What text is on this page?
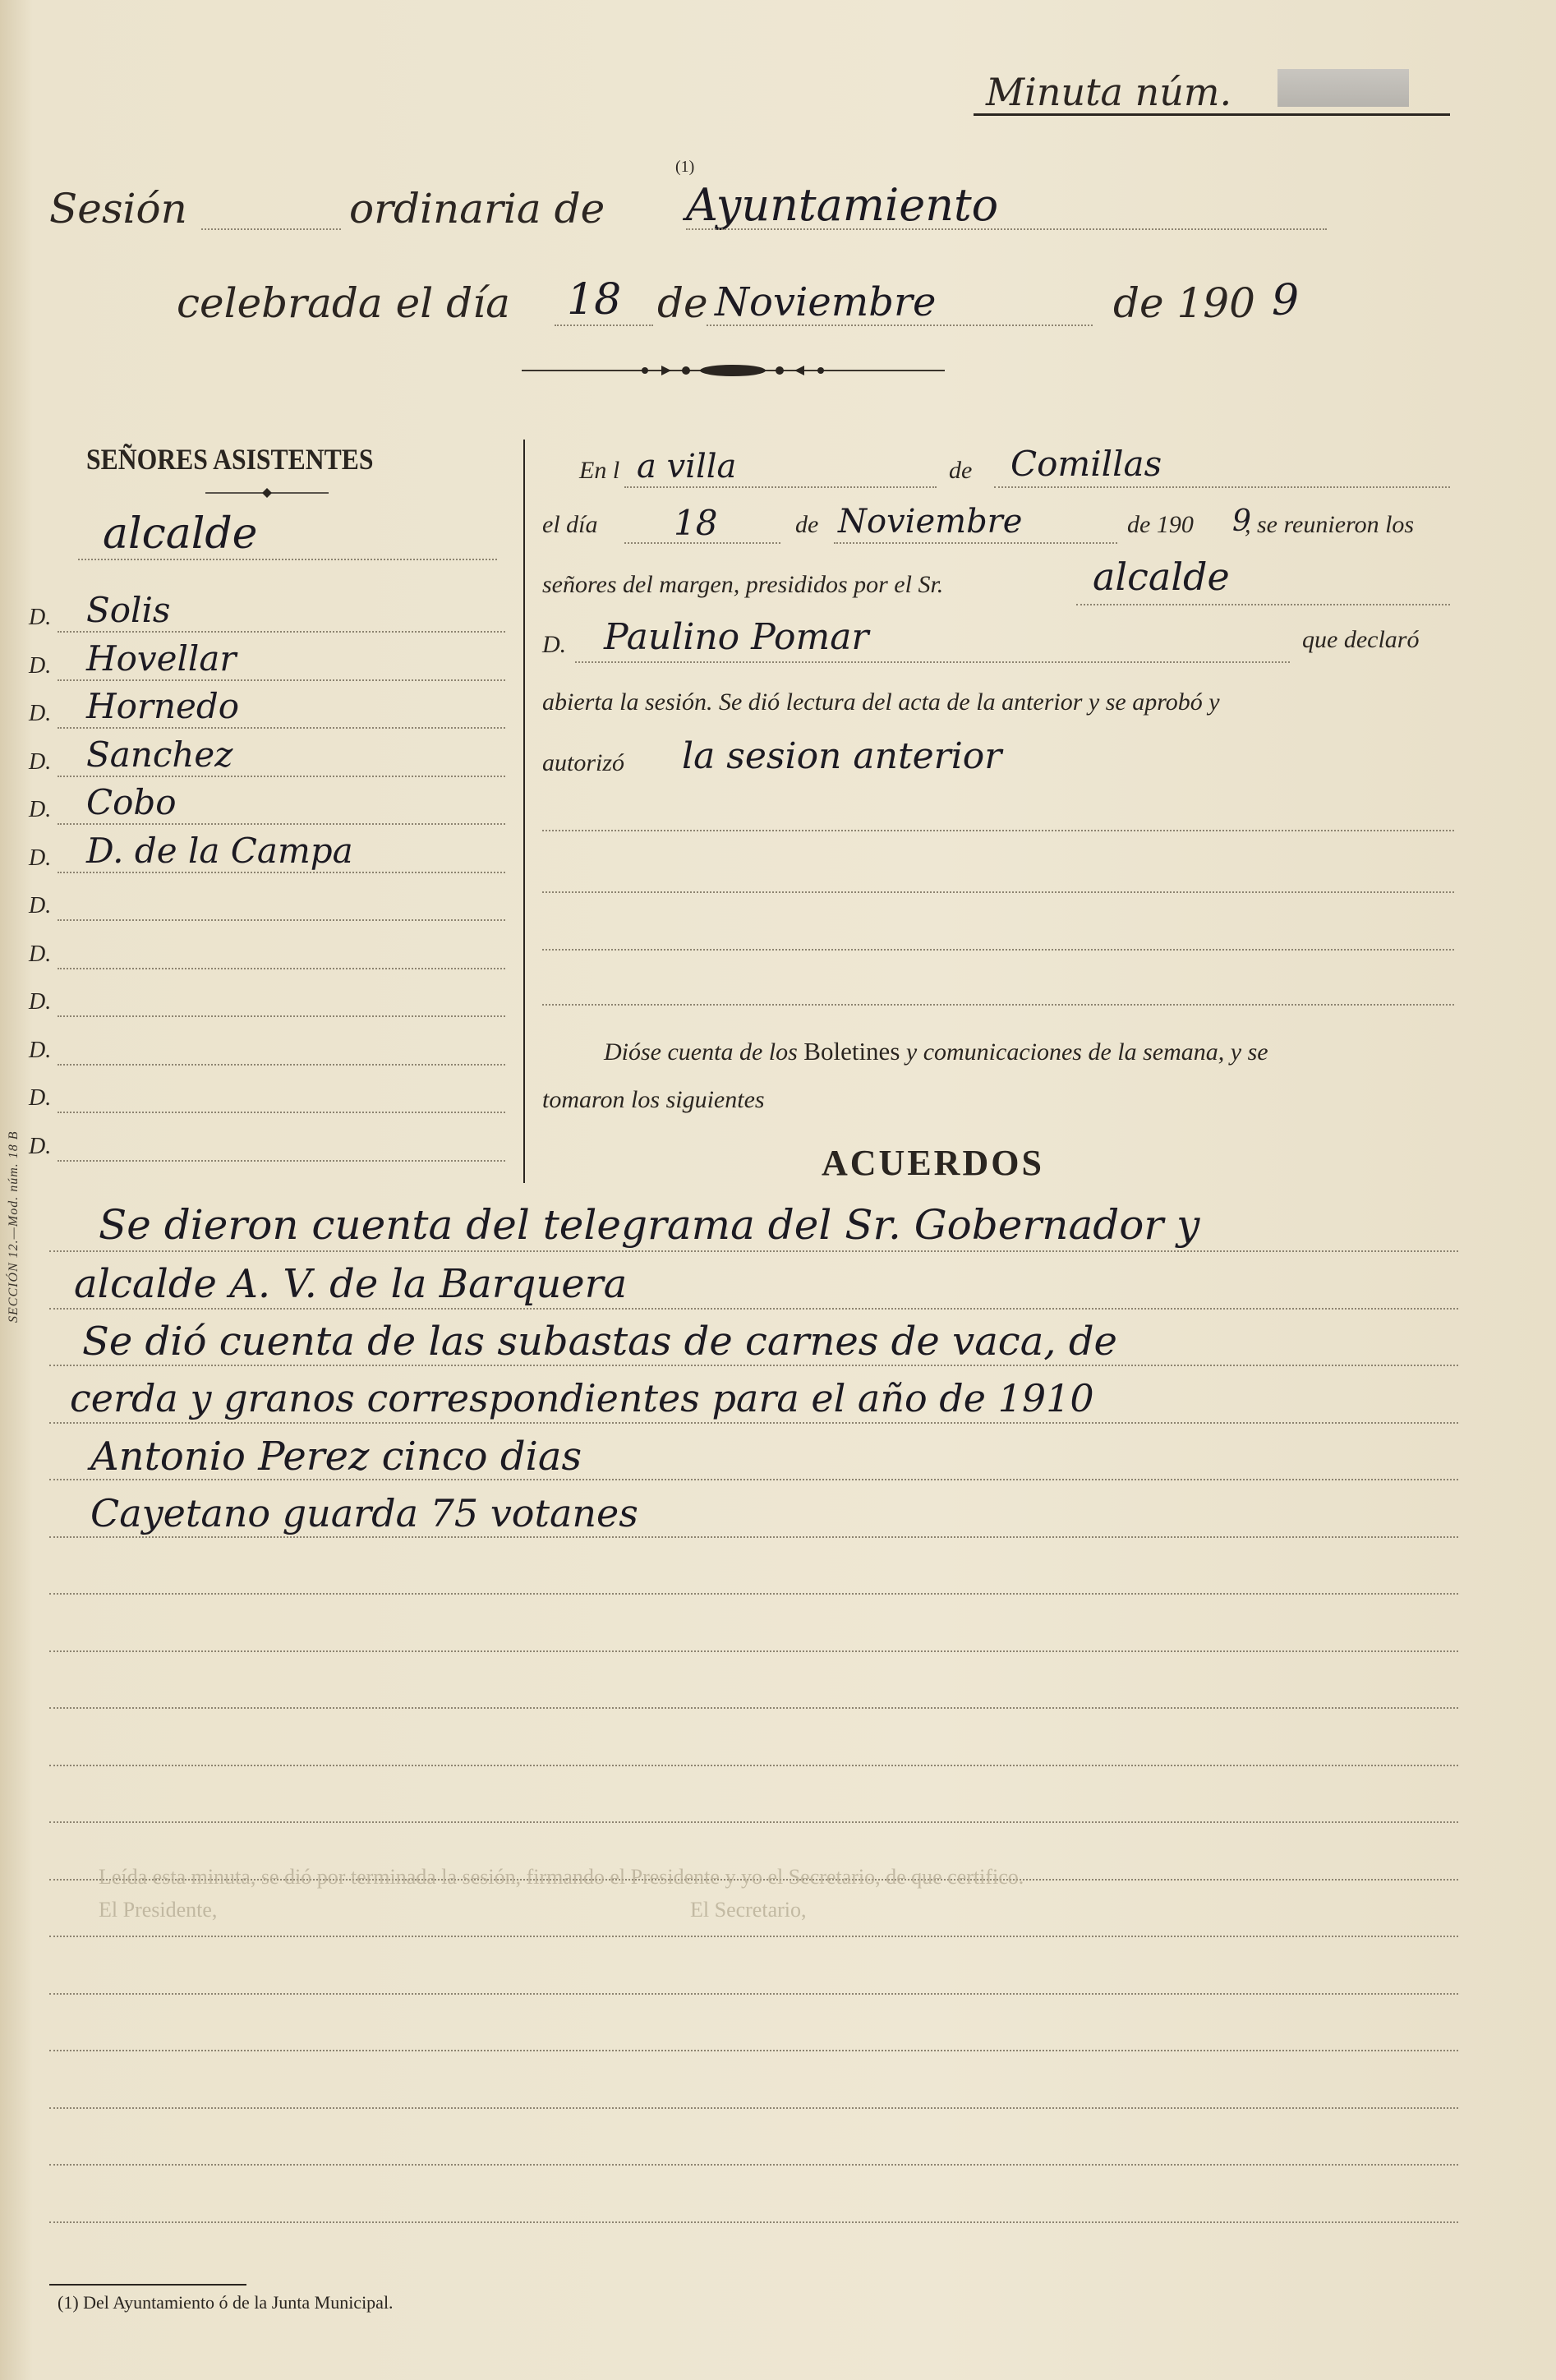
SECCIÓN 12.—Mod. núm. 18 B
Minuta núm.
Sesión	ordinaria de
(1)
Ayuntamiento
celebrada el día 18 de Noviembre	de 190 9
SEÑORES ASISTENTES
alcalde
D. Solis
D. Hovellar
D. Hornedo
D. Sanchez
D. Cobo
D. D. de la Campa
D.
D.
D.
D.
D.
D.
En l a villa	de Comillas
el día 18	de Noviembre	de 190 9
, se reunieron los
señores del margen, presididos por el Sr.	alcalde
D. Paulino Pomar	que declaró
abierta la sesión. Se dió lectura del acta de la anterior y se aprobó y
autorizó la sesion anterior
Dióse cuenta de los Boletines y comunicaciones de la semana, y se
tomaron los siguientes
ACUERDOS
Se dieron cuenta del telegrama del Sr. Gobernador y
alcalde A. V. de la Barquera
Se dió cuenta de las subastas de carnes de vaca, de
cerda y granos correspondientes para el año de 1910
Antonio Perez cinco dias
Cayetano guarda 75 votanes
Leída esta minuta, se dió por terminada la sesión, firmando el Presidente y yo el Secretario, de que certifico.
El Presidente,	El Secretario,
(1) Del Ayuntamiento ó de la Junta Municipal.
